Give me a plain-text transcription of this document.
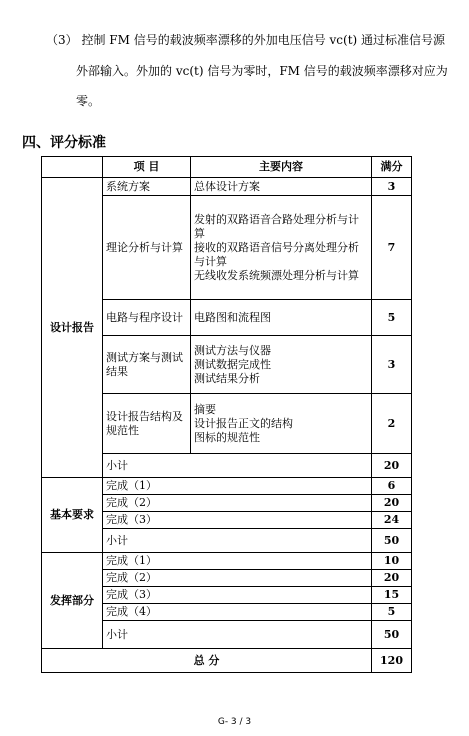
（3） 控制 FM 信号的载波频率漂移的外加电压信号 vc(t) 通过标准信号源
外部输入。外加的 vc(t) 信号为零时，FM 信号的载波频率漂移对应为
零。
四、评分标准
	项 目	主要内容	满分
设计报告	系统方案	总体设计方案	3
	理论分析与计算	发射的双路语音合路处理分析与计算
接收的双路语音信号分离处理分析与计算
无线收发系统频漂处理分析与计算	7
	电路与程序设计	电路图和流程图	5
	测试方案与测试结果	测试方法与仪器
测试数据完成性
测试结果分析	3
	设计报告结构及规范性	摘要
设计报告正文的结构
图标的规范性	2
	小计		20
基本要求	完成（1）		6
	完成（2）		20
	完成（3）		24
	小计		50
发挥部分	完成（1）		10
	完成（2）		20
	完成（3）		15
	完成（4）		5
	小计		50
总 分			120
G- 3 / 3
